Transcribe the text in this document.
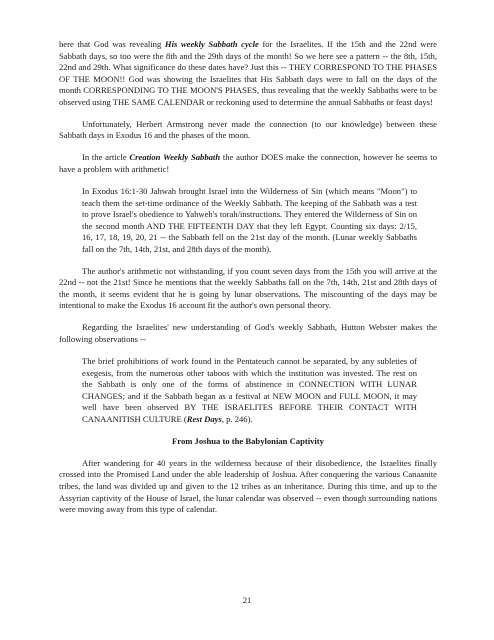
here that God was revealing His weekly Sabbath cycle for the Israelites. If the 15th and the 22nd were Sabbath days, so too were the 8th and the 29th days of the month! So we here see a pattern -- the 8th, 15th, 22nd and 29th. What significance do these dates have? Just this -- THEY CORRESPOND TO THE PHASES OF THE MOON!! God was showing the Israelites that His Sabbath days were to fall on the days of the month CORRESPONDING TO THE MOON'S PHASES, thus revealing that the weekly Sabbaths were to be observed using THE SAME CALENDAR or reckoning used to determine the annual Sabbaths or feast days!

Unfortunately, Herbert Armstrong never made the connection (to our knowledge) between these Sabbath days in Exodus 16 and the phases of the moon.

In the article Creation Weekly Sabbath the author DOES make the connection, however he seems to have a problem with arithmetic!

In Exodus 16:1-30 Jahwah brought Israel into the Wilderness of Sin (which means "Moon") to teach them the set-time ordinance of the Weekly Sabbath. The keeping of the Sabbath was a test to prove Israel's obedience to Yahweh's torah/instructions. They entered the Wilderness of Sin on the second month AND THE FIFTEENTH DAY that they left Egypt. Counting six days: 2/15, 16, 17, 18, 19, 20, 21 -- the Sabbath fell on the 21st day of the month. (Lunar weekly Sabbaths fall on the 7th, 14th, 21st, and 28th days of the month).

The author's arithmetic not withstanding, if you count seven days from the 15th you will arrive at the 22nd -- not the 21st! Since he mentions that the weekly Sabbaths fall on the 7th, 14th, 21st and 28th days of the month, it seems evident that he is going by lunar observations. The miscounting of the days may be intentional to make the Exodus 16 account fit the author's own personal theory.

Regarding the Israelites' new understanding of God's weekly Sabbath, Hutton Webster makes the following observations --

The brief prohibitions of work found in the Pentateuch cannot be separated, by any subleties of exegesis, from the numerous other taboos with which the institution was invested. The rest on the Sabbath is only one of the forms of abstinence in CONNECTION WITH LUNAR CHANGES; and if the Sabbath began as a festival at NEW MOON and FULL MOON, it may well have been observed BY THE ISRAELITES BEFORE THEIR CONTACT WITH CANAANITISH CULTURE (Rest Days, p. 246).

From Joshua to the Babylonian Captivity

After wandering for 40 years in the wilderness because of their disobedience, the Israelites finally crossed into the Promised Land under the able leadership of Joshua. After conquering the various Canaanite tribes, the land was divided up and given to the 12 tribes as an inheritance. During this time, and up to the Assyrian captivity of the House of Israel, the lunar calendar was observed -- even though surrounding nations were moving away from this type of calendar.

21
